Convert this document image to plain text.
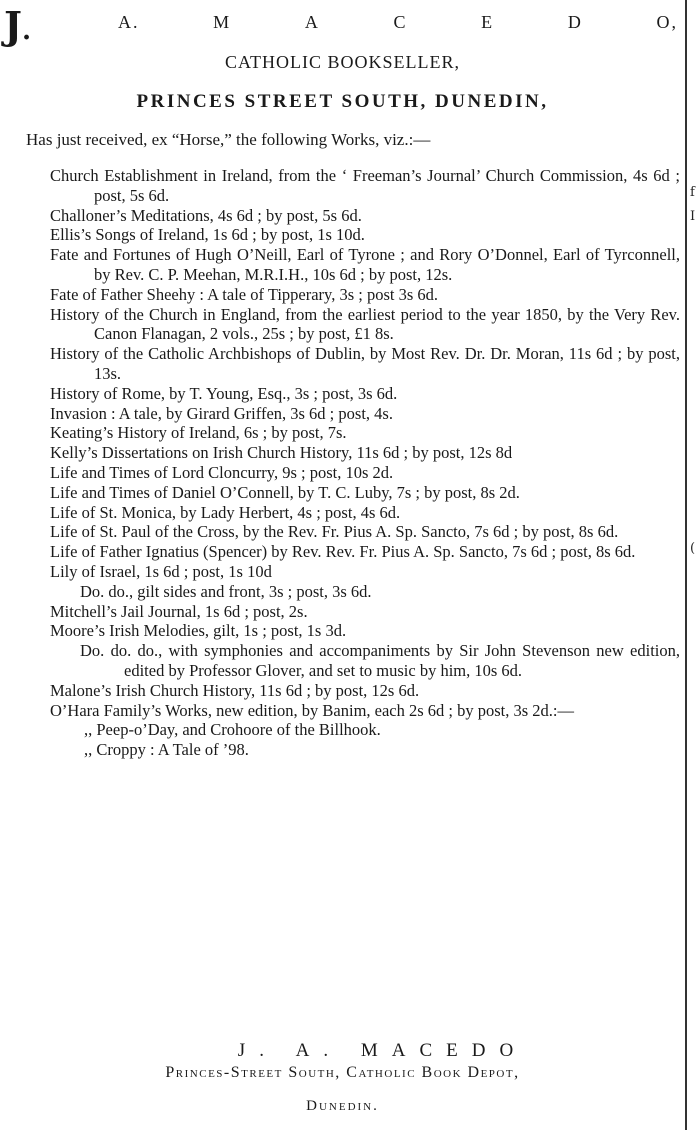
J.
f
I
(
A.	M	A	C	E	D	O,
CATHOLIC BOOKSELLER,
PRINCES STREET SOUTH, DUNEDIN,
Has just received, ex “Horse,” the following Works, viz.:—

Church Establishment in Ireland, from the ‘ Freeman’s Journal’ Church Commission, 4s 6d ; post, 5s 6d.

Challoner’s Meditations, 4s 6d ; by post, 5s 6d.

Ellis’s Songs of Ireland, 1s 6d ; by post, 1s 10d.

Fate and Fortunes of Hugh O’Neill, Earl of Tyrone ; and Rory O’Donnel, Earl of Tyrconnell, by Rev. C. P. Meehan, M.R.I.H., 10s 6d ; by post, 12s.

Fate of Father Sheehy : A tale of Tipperary, 3s ; post 3s 6d.

History of the Church in England, from the earliest period to the year 1850, by the Very Rev. Canon Flanagan, 2 vols., 25s ; by post, £1 8s.

History of the Catholic Archbishops of Dublin, by Most Rev. Dr. Dr. Moran, 11s 6d ; by post, 13s.

History of Rome, by T. Young, Esq., 3s ; post, 3s 6d.

Invasion : A tale, by Girard Griffen, 3s 6d ; post, 4s.

Keating’s History of Ireland, 6s ; by post, 7s.

Kelly’s Dissertations on Irish Church History, 11s 6d ; by post, 12s 8d

Life and Times of Lord Cloncurry, 9s ; post, 10s 2d.

Life and Times of Daniel O’Connell, by T. C. Luby, 7s ; by post, 8s 2d.

Life of St. Monica, by Lady Herbert, 4s ; post, 4s 6d.

Life of St. Paul of the Cross, by the Rev. Fr. Pius A. Sp. Sancto, 7s 6d ; by post, 8s 6d.

Life of Father Ignatius (Spencer) by Rev. Rev. Fr. Pius A. Sp. Sancto, 7s 6d ; post, 8s 6d.

Lily of Israel, 1s 6d ; post, 1s 10d

Do. do., gilt sides and front, 3s ; post, 3s 6d.

Mitchell’s Jail Journal, 1s 6d ; post, 2s.

Moore’s Irish Melodies, gilt, 1s ; post, 1s 3d.

Do. do. do., with symphonies and accompaniments by Sir John Stevenson new edition, edited by Professor Glover, and set to music by him, 10s 6d.

Malone’s Irish Church History, 11s 6d ; by post, 12s 6d.

O’Hara Family’s Works, new edition, by Banim, each 2s 6d ; by post, 3s 2d.:—

,, Peep-o’Day, and Crohoore of the Billhook.

,, Croppy : A Tale of ’98.

J. A. MACEDO
Princes-Street South, Catholic Book Depot,
Dunedin.
